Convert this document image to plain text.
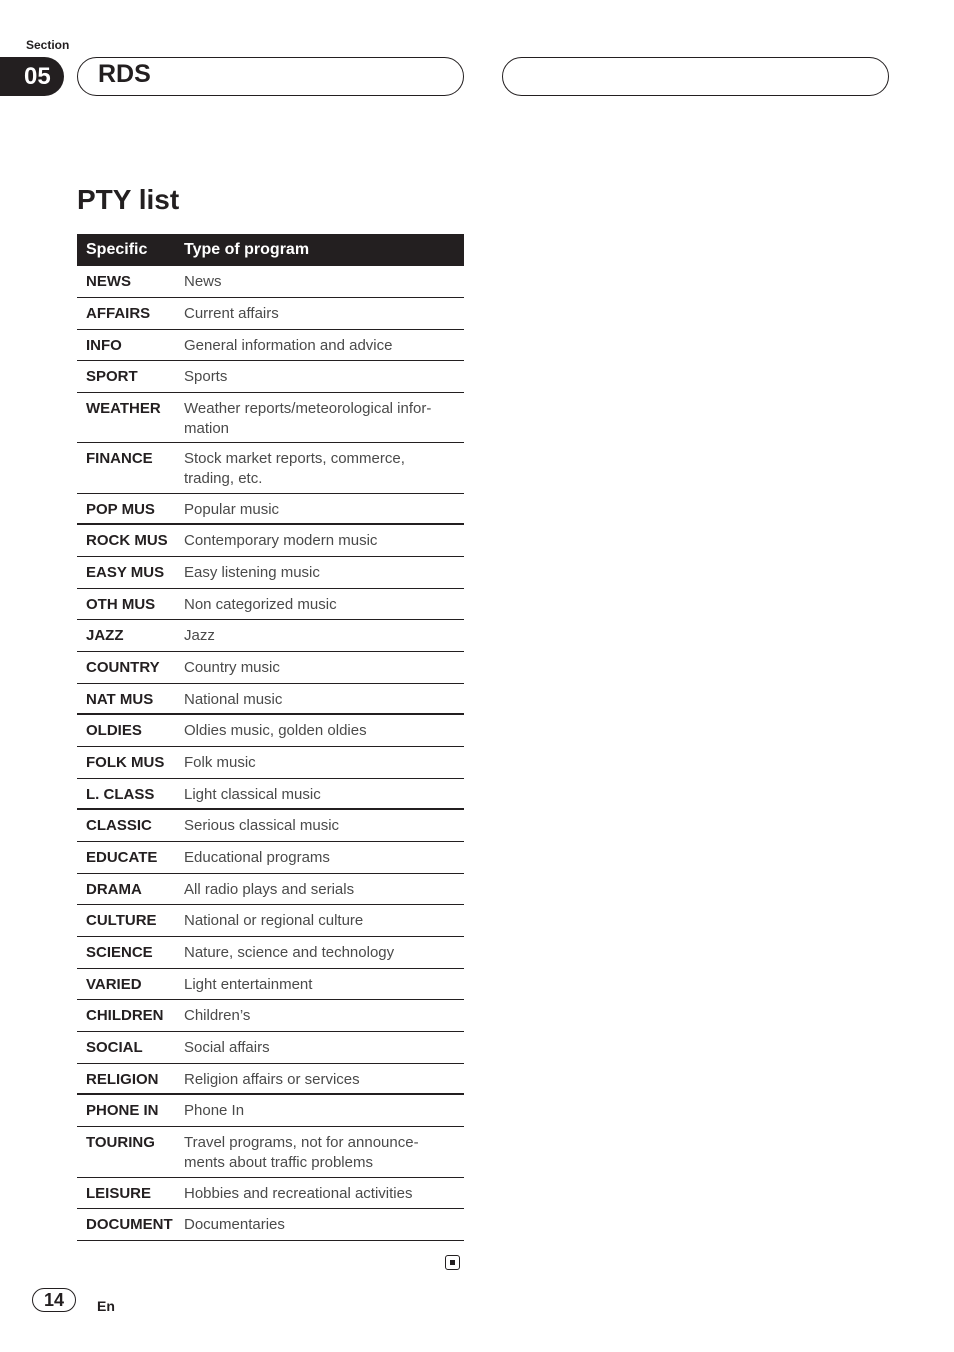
Section
05	RDS
PTY list
Specific	Type of program
NEWS	News
AFFAIRS	Current affairs
INFO	General information and advice
SPORT	Sports
WEATHER	Weather reports/meteorological infor-
mation
FINANCE	Stock market reports, commerce,
trading, etc.
POP MUS	Popular music
ROCK MUS	Contemporary modern music
EASY MUS	Easy listening music
OTH MUS	Non categorized music
JAZZ	Jazz
COUNTRY	Country music
NAT MUS	National music
OLDIES	Oldies music, golden oldies
FOLK MUS	Folk music
L. CLASS	Light classical music
CLASSIC	Serious classical music
EDUCATE	Educational programs
DRAMA	All radio plays and serials
CULTURE	National or regional culture
SCIENCE	Nature, science and technology
VARIED	Light entertainment
CHILDREN	Children’s
SOCIAL	Social affairs
RELIGION	Religion affairs or services
PHONE IN	Phone In
TOURING	Travel programs, not for announce-
ments about traffic problems
LEISURE	Hobbies and recreational activities
DOCUMENT Documentaries
14	En
